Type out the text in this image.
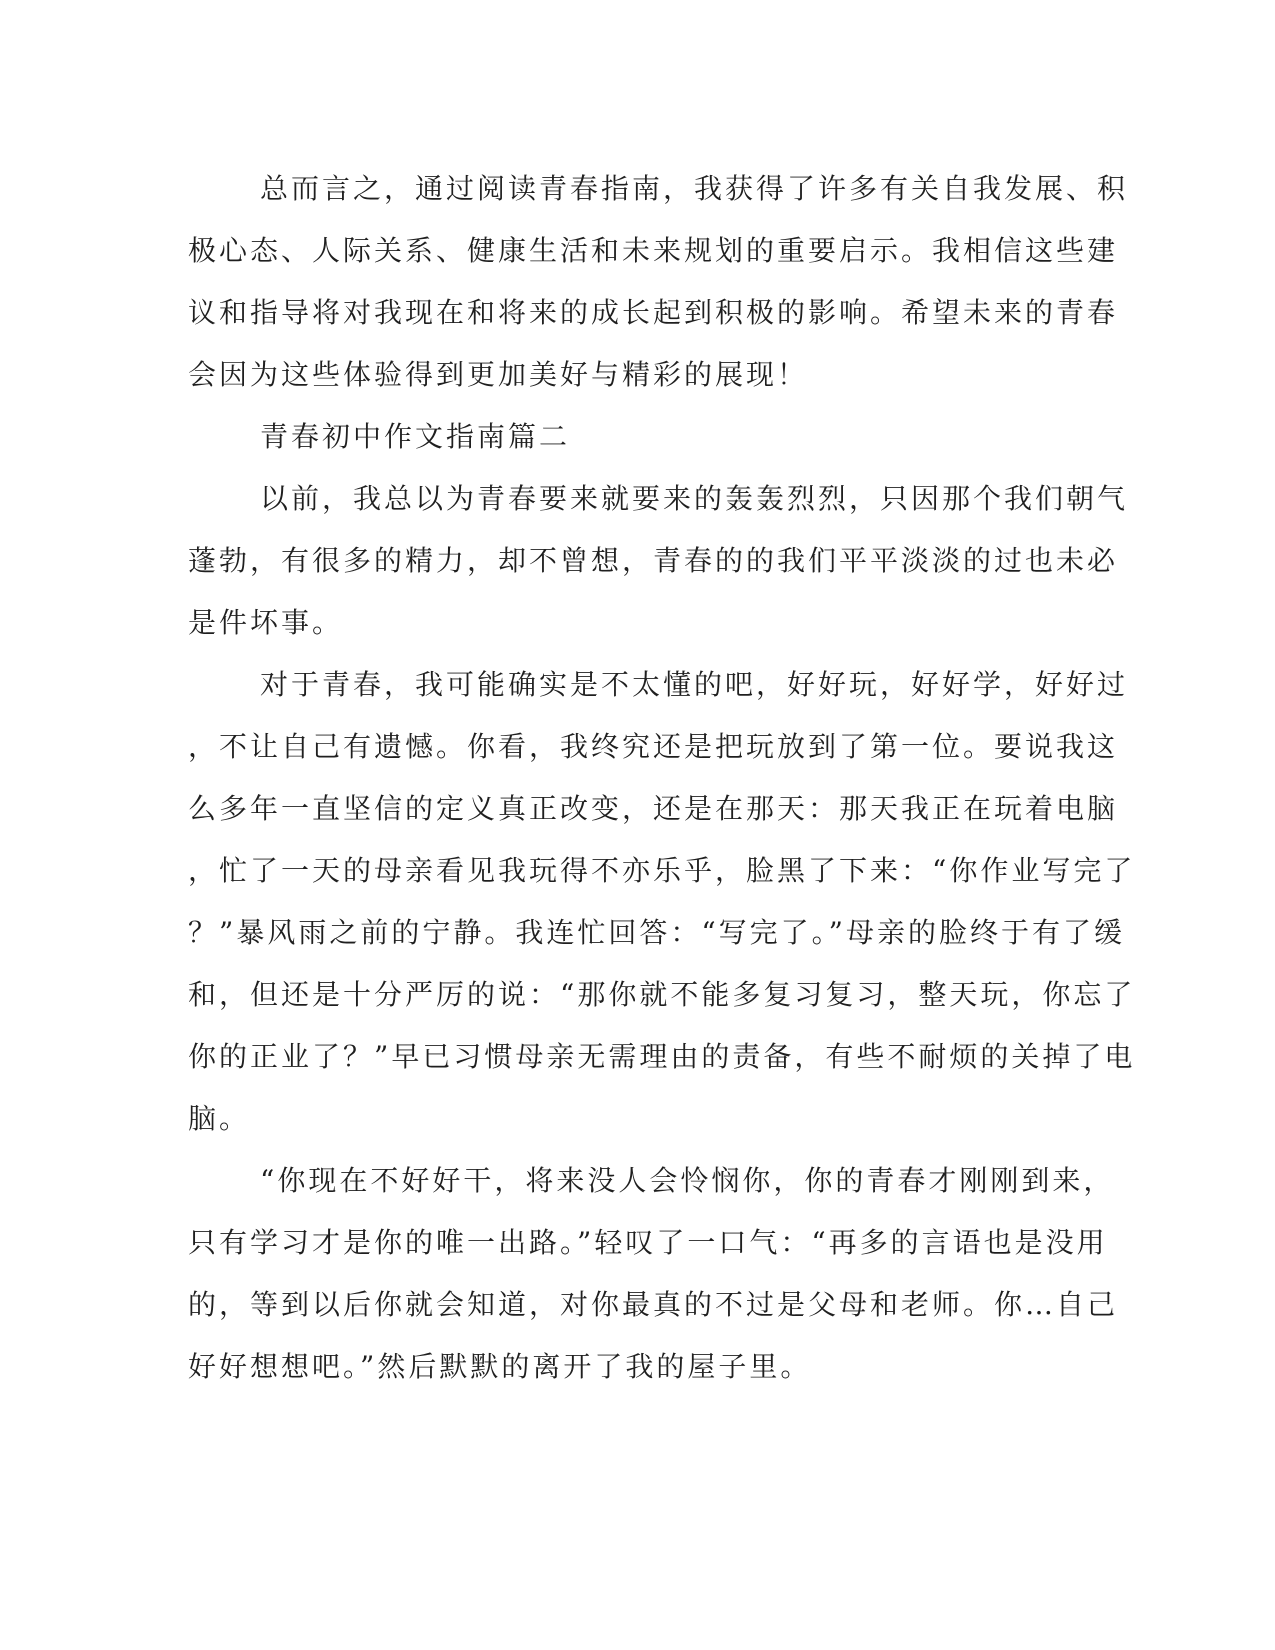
总而言之，通过阅读青春指南，我获得了许多有关自我发展、积
极心态、人际关系、健康生活和未来规划的重要启示。我相信这些建
议和指导将对我现在和将来的成长起到积极的影响。希望未来的青春
会因为这些体验得到更加美好与精彩的展现！
青春初中作文指南篇二
以前，我总以为青春要来就要来的轰轰烈烈，只因那个我们朝气
蓬勃，有很多的精力，却不曾想，青春的的我们平平淡淡的过也未必
是件坏事。
对于青春，我可能确实是不太懂的吧，好好玩，好好学，好好过
，不让自己有遗憾。你看，我终究还是把玩放到了第一位。要说我这
么多年一直坚信的定义真正改变，还是在那天：那天我正在玩着电脑
，忙了一天的母亲看见我玩得不亦乐乎，脸黑了下来：“你作业写完了
？”暴风雨之前的宁静。我连忙回答：“写完了。”母亲的脸终于有了缓
和，但还是十分严厉的说：“那你就不能多复习复习，整天玩，你忘了
你的正业了？”早已习惯母亲无需理由的责备，有些不耐烦的关掉了电
脑。
“你现在不好好干，将来没人会怜悯你，你的青春才刚刚到来，
只有学习才是你的唯一出路。”轻叹了一口气：“再多的言语也是没用
的，等到以后你就会知道，对你最真的不过是父母和老师。你…自己
好好想想吧。”然后默默的离开了我的屋子里。
